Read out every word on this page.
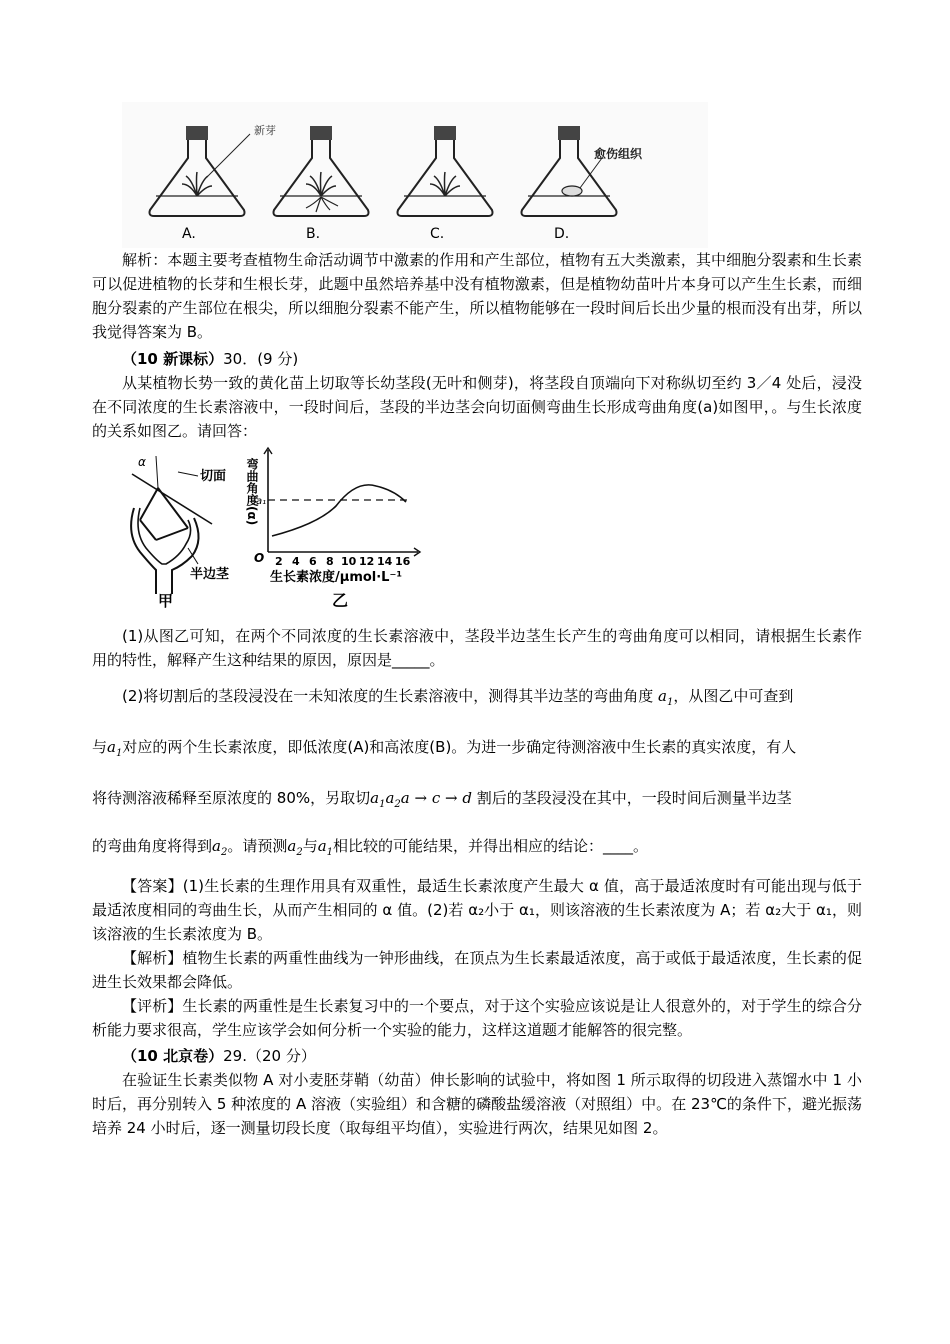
新芽
A.	B.	C.
愈伤组织
D.

解析：本题主要考查植物生命活动调节中激素的作用和产生部位，植物有五大类激素，其中细胞分裂素和生长素可以促进植物的长芽和生根长芽，此题中虽然培养基中没有植物激素，但是植物幼苗叶片本身可以产生生长素，而细胞分裂素的产生部位在根尖，所以细胞分裂素不能产生，所以植物能够在一段时间后长出少量的根而没有出芽，所以我觉得答案为 B。

（10 新课标）30．(9 分)

从某植物长势一致的黄化苗上切取等长幼茎段(无叶和侧芽)，将茎段自顶端向下对称纵切至约 3／4 处后，浸没在不同浓度的生长素溶液中，一段时间后，茎段的半边茎会向切面侧弯曲生长形成弯曲角度(a)如图甲，。与生长浓度的关系如图乙。请回答：

α
切面
半边茎
甲
弯曲角度(α)
a₁
O 2 4 6 8 10 12 14 16
生长素浓度/μmol·L⁻¹
乙

(1)从图乙可知，在两个不同浓度的生长素溶液中，茎段半边茎生长产生的弯曲角度可以相同，请根据生长素作用的特性，解释产生这种结果的原因，原因是_____。

(2)将切割后的茎段浸没在一未知浓度的生长素溶液中，测得其半边茎的弯曲角度 $a_1$，从图乙中可查到

与$a_1$对应的两个生长素浓度，即低浓度(A)和高浓度(B)。为进一步确定待测溶液中生长素的真实浓度，有人

将待测溶液稀释至原浓度的 80%，另取切$a_1a_2a \to c \to d$ 割后的茎段浸没在其中，一段时间后测量半边茎

的弯曲角度将得到$a_2$。请预测$a_2$与$a_1$相比较的可能结果，并得出相应的结论：____。

【答案】(1)生长素的生理作用具有双重性，最适生长素浓度产生最大 α 值，高于最适浓度时有可能出现与低于最适浓度相同的弯曲生长，从而产生相同的 α 值。(2)若 α₂小于 α₁，则该溶液的生长素浓度为 A；若 α₂大于 α₁，则该溶液的生长素浓度为 B。

【解析】植物生长素的两重性曲线为一钟形曲线，在顶点为生长素最适浓度，高于或低于最适浓度，生长素的促进生长效果都会降低。

【评析】生长素的两重性是生长素复习中的一个要点，对于这个实验应该说是让人很意外的，对于学生的综合分析能力要求很高，学生应该学会如何分析一个实验的能力，这样这道题才能解答的很完整。

（10 北京卷）29.（20 分）

在验证生长素类似物 A 对小麦胚芽鞘（幼苗）伸长影响的试验中，将如图 1 所示取得的切段进入蒸馏水中 1 小时后，再分别转入 5 种浓度的 A 溶液（实验组）和含糖的磷酸盐缓溶液（对照组）中。在 23℃的条件下，避光振荡培养 24 小时后，逐一测量切段长度（取每组平均值），实验进行两次，结果见如图 2。
